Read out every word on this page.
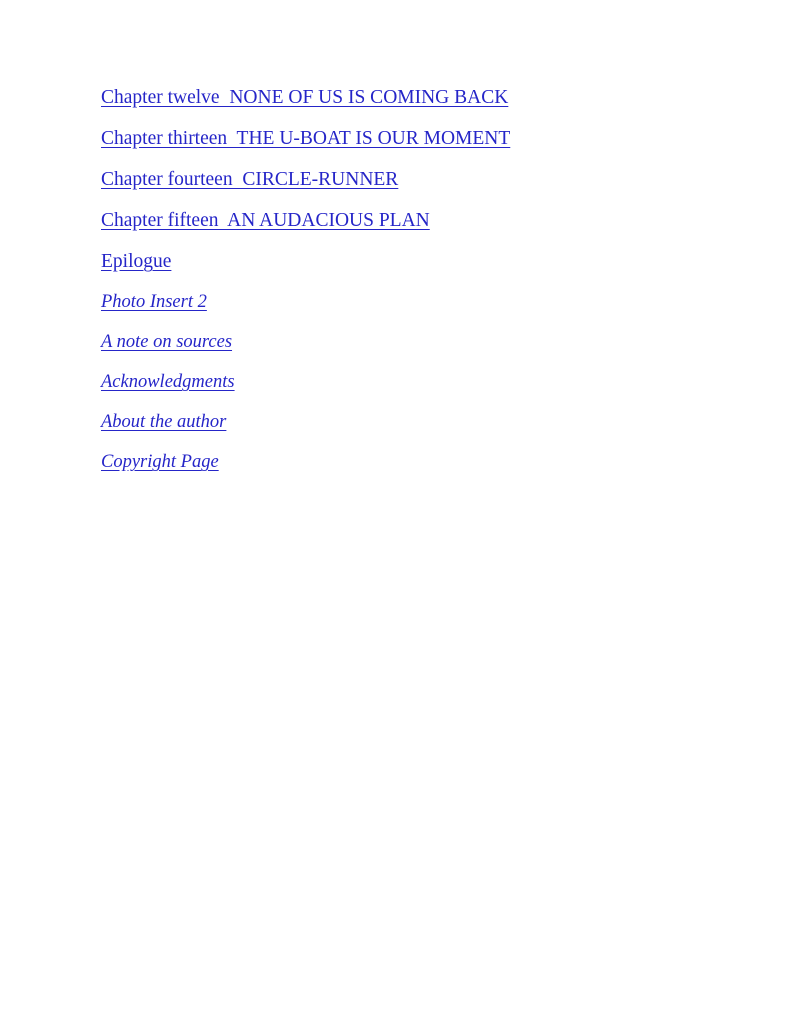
Chapter twelve  NONE OF US IS COMING BACK
Chapter thirteen  THE U-BOAT IS OUR MOMENT
Chapter fourteen  CIRCLE-RUNNER
Chapter fifteen  AN AUDACIOUS PLAN
Epilogue
Photo Insert 2
A note on sources
Acknowledgments
About the author
Copyright Page
